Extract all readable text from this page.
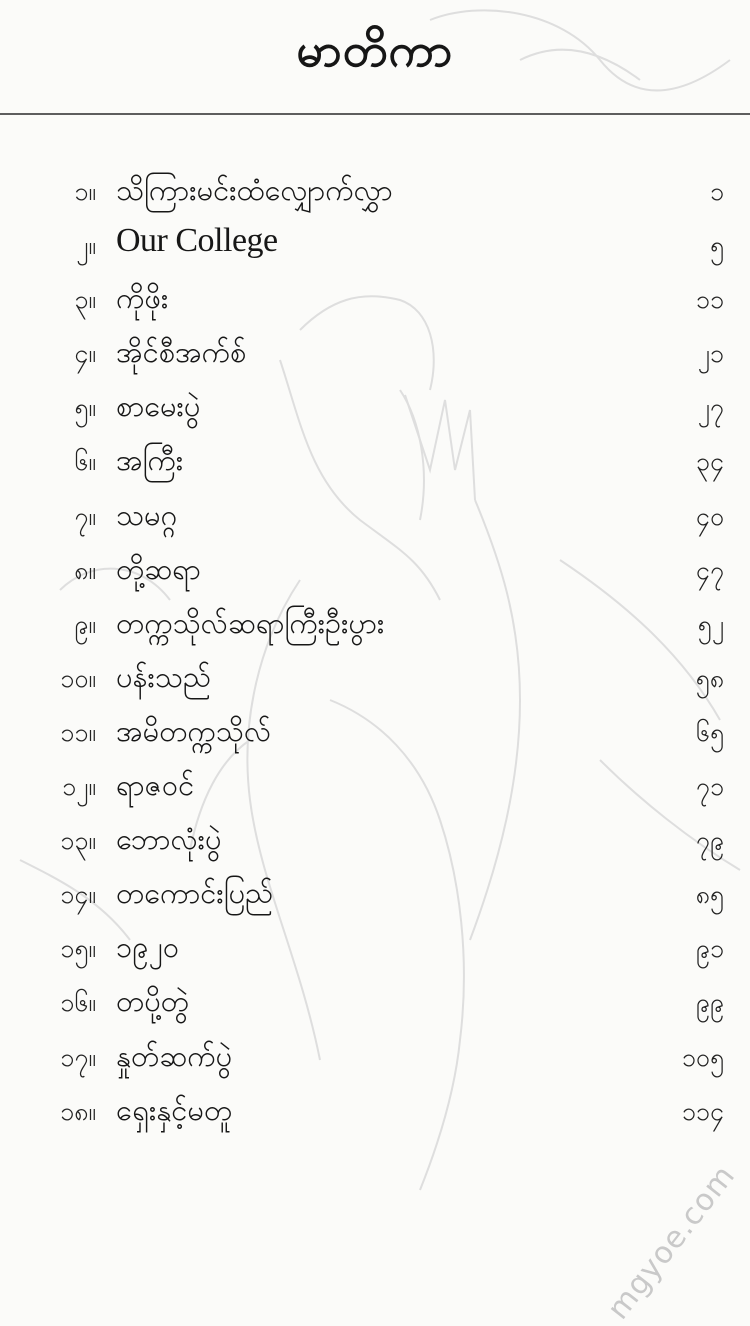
မာတိကာ
၁။ သိကြားမင်းထံလျှောက်လွှာ	၁
၂။ Our College	၅
၃။ ကိုဖိုး	၁၁
၄။ အိုင်စီအက်စ်	၂၁
၅။ စာမေးပွဲ	၂၇
၆။ အကြီး	၃၄
၇။ သမဂ္ဂ	၄၀
၈။ တို့ဆရာ	၄၇
၉။ တက္ကသိုလ်ဆရာကြီးဦးပွား	၅၂
၁၀။ ပန်းသည်	၅၈
၁၁။ အမိတက္ကသိုလ်	၆၅
၁၂။ ရာဇဝင်	၇၁
၁၃။ ဘောလုံးပွဲ	၇၉
၁၄။ တကောင်းပြည်	၈၅
၁၅။ ၁၉၂၀	၉၁
၁၆။ တပို့တွဲ	၉၉
၁၇။ နှုတ်ဆက်ပွဲ	၁၀၅
၁၈။ ရှေးနှင့်မတူ	၁၁၄
mgyoe.com
